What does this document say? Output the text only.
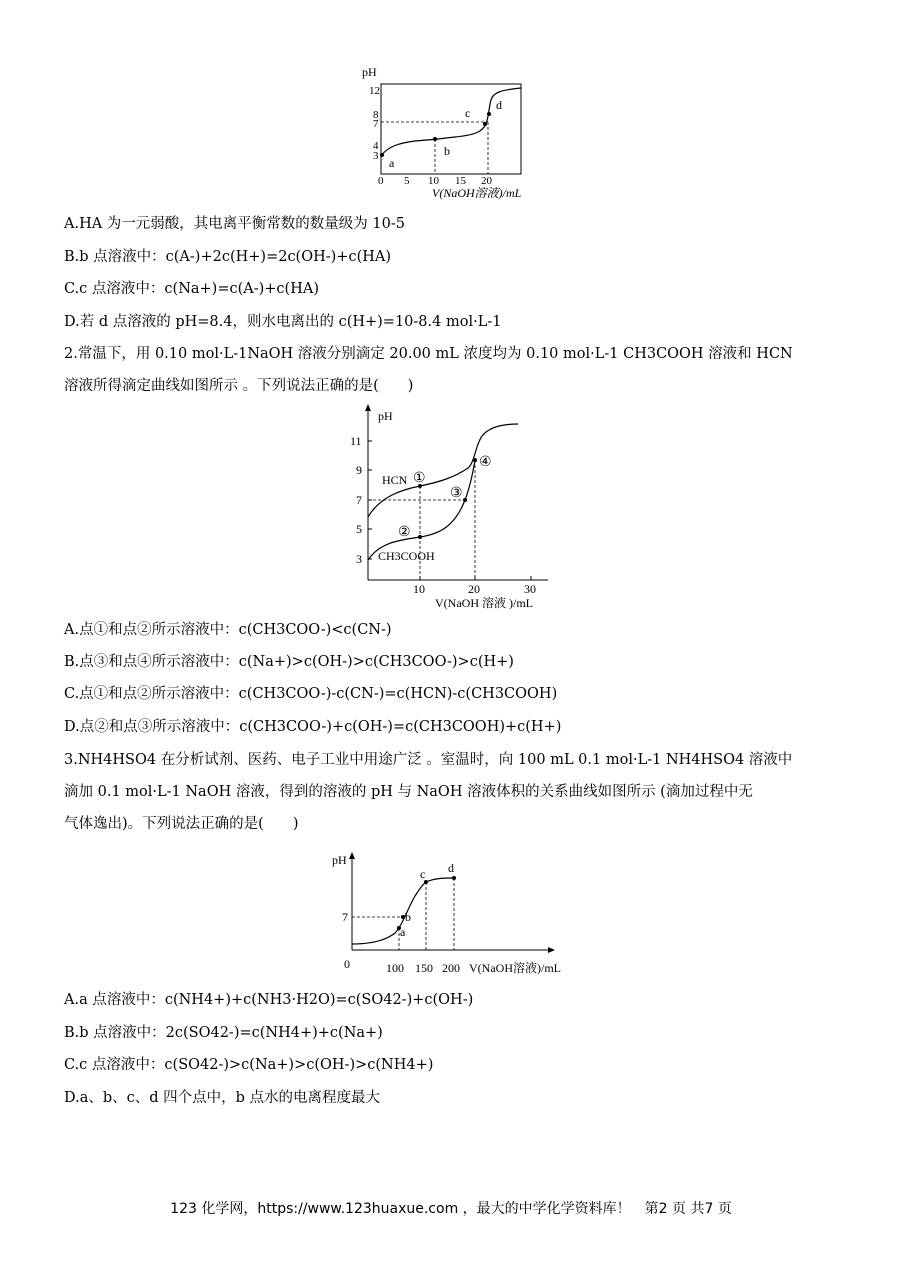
pH
12
8
7
4
3
0 5 10 15 20
V(NaOH溶液)/mL
a
b
c
d
A.HA 为一元弱酸，其电离平衡常数的数量级为 10-5
B.b 点溶液中：c(A-)+2c(H+)=2c(OH-)+c(HA)
C.c 点溶液中：c(Na+)=c(A-)+c(HA)
D.若 d 点溶液的 pH=8.4，则水电离出的 c(H+)=10-8.4 mol·L-1
2.常温下，用 0.10 mol·L-1NaOH 溶液分别滴定 20.00 mL 浓度均为 0.10 mol·L-1 CH3COOH 溶液和 HCN
溶液所得滴定曲线如图所示 。下列说法正确的是(　　)
pH
11
9
7
5
3
10	20	30
V(NaOH 溶液 )/mL
HCN
CH3COOH
①
②
③
④
A.点①和点②所示溶液中：c(CH3COO-)<c(CN-)
B.点③和点④所示溶液中：c(Na+)>c(OH-)>c(CH3COO-)>c(H+)
C.点①和点②所示溶液中：c(CH3COO-)-c(CN-)=c(HCN)-c(CH3COOH)
D.点②和点③所示溶液中：c(CH3COO-)+c(OH-)=c(CH3COOH)+c(H+)
3.NH4HSO4 在分析试剂、医药、电子工业中用途广泛 。室温时，向 100 mL 0.1 mol·L-1 NH4HSO4 溶液中
滴加 0.1 mol·L-1 NaOH 溶液，得到的溶液的 pH 与 NaOH 溶液体积的关系曲线如图所示 (滴加过程中无
气体逸出)。下列说法正确的是(　　)
pH
7
0	100 150 200 V(NaOH溶液)/mL
a
b
c d
A.a 点溶液中：c(NH4+)+c(NH3·H2O)=c(SO42-)+c(OH-)
B.b 点溶液中：2c(SO42-)=c(NH4+)+c(Na+)
C.c 点溶液中：c(SO42-)>c(Na+)>c(OH-)>c(NH4+)
D.a、b、c、d 四个点中，b 点水的电离程度最大
123 化学网，https://www.123huaxue.com ，最大的中学化学资料库！　第2 页 共7 页
